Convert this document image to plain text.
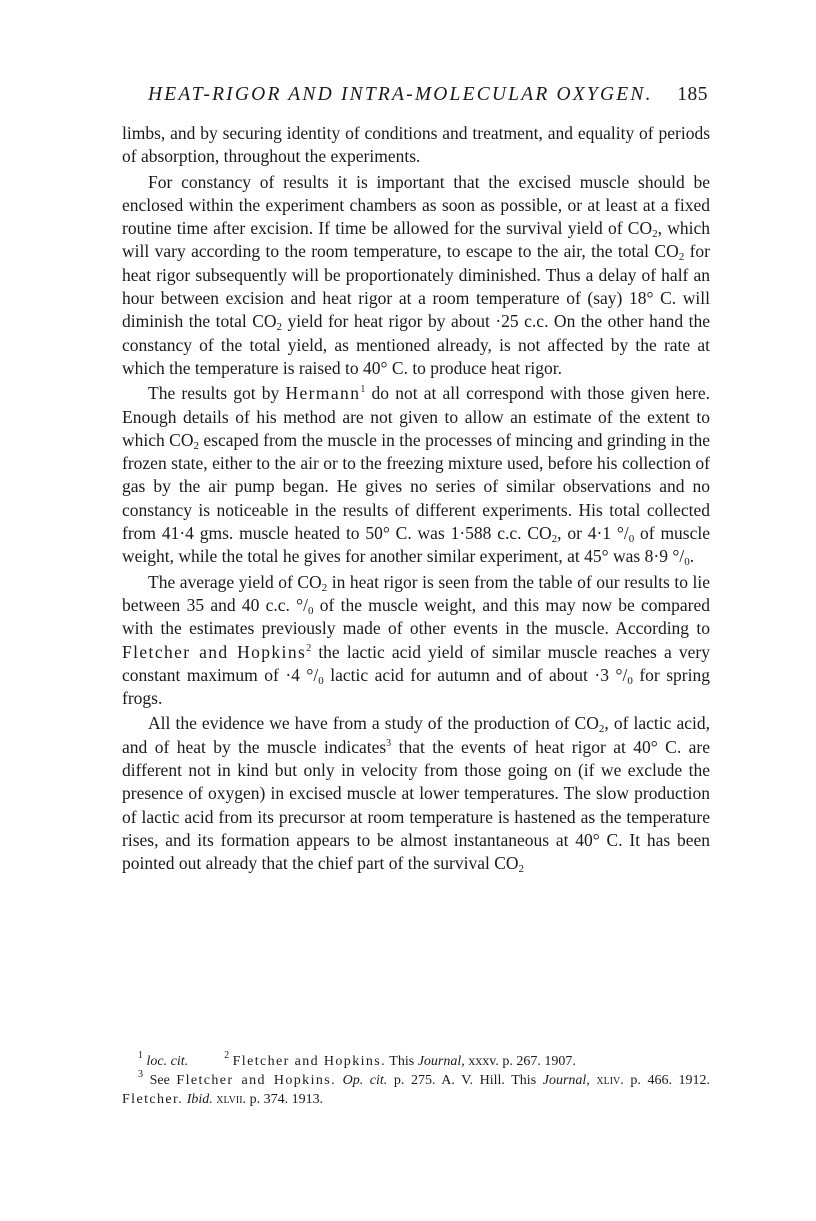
HEAT-RIGOR AND INTRA-MOLECULAR OXYGEN. 185

limbs, and by securing identity of conditions and treatment, and equality of periods of absorption, throughout the experiments.

For constancy of results it is important that the excised muscle should be enclosed within the experiment chambers as soon as possible, or at least at a fixed routine time after excision. If time be allowed for the survival yield of $CO_2$, which will vary according to the room temperature, to escape to the air, the total $CO_2$ for heat rigor subsequently will be proportionately diminished. Thus a delay of half an hour between excision and heat rigor at a room temperature of (say) 18° C. will diminish the total $CO_2$ yield for heat rigor by about ·25 c.c. On the other hand the constancy of the total yield, as mentioned already, is not affected by the rate at which the temperature is raised to 40° C. to produce heat rigor.

The results got by Hermann$^1$ do not at all correspond with those given here. Enough details of his method are not given to allow an estimate of the extent to which $CO_2$ escaped from the muscle in the processes of mincing and grinding in the frozen state, either to the air or to the freezing mixture used, before his collection of gas by the air pump began. He gives no series of similar observations and no constancy is noticeable in the results of different experiments. His total collected from 41·4 gms. muscle heated to 50° C. was 1·588 c.c. $CO_2$, or 4·1 $^\circ/_0$ of muscle weight, while the total he gives for another similar experiment, at 45° was 8·9 $^\circ/_0$.

The average yield of $CO_2$ in heat rigor is seen from the table of our results to lie between 35 and 40 c.c. $^\circ/_0$ of the muscle weight, and this may now be compared with the estimates previously made of other events in the muscle. According to Fletcher and Hopkins$^2$ the lactic acid yield of similar muscle reaches a very constant maximum of ·4 $^\circ/_0$ lactic acid for autumn and of about ·3 $^\circ/_0$ for spring frogs.

All the evidence we have from a study of the production of $CO_2$, of lactic acid, and of heat by the muscle indicates$^3$ that the events of heat rigor at 40° C. are different not in kind but only in velocity from those going on (if we exclude the presence of oxygen) in excised muscle at lower temperatures. The slow production of lactic acid from its precursor at room temperature is hastened as the temperature rises, and its formation appears to be almost instantaneous at 40° C. It has been pointed out already that the chief part of the survival $CO_2$

$^1$ loc. cit.	$^2$ Fletcher and Hopkins. This Journal, xxxv. p. 267. 1907.

$^3$ See Fletcher and Hopkins. Op. cit. p. 275. A. V. Hill. This Journal, xliv. p. 466. 1912. Fletcher. Ibid. xlvii. p. 374. 1913.
